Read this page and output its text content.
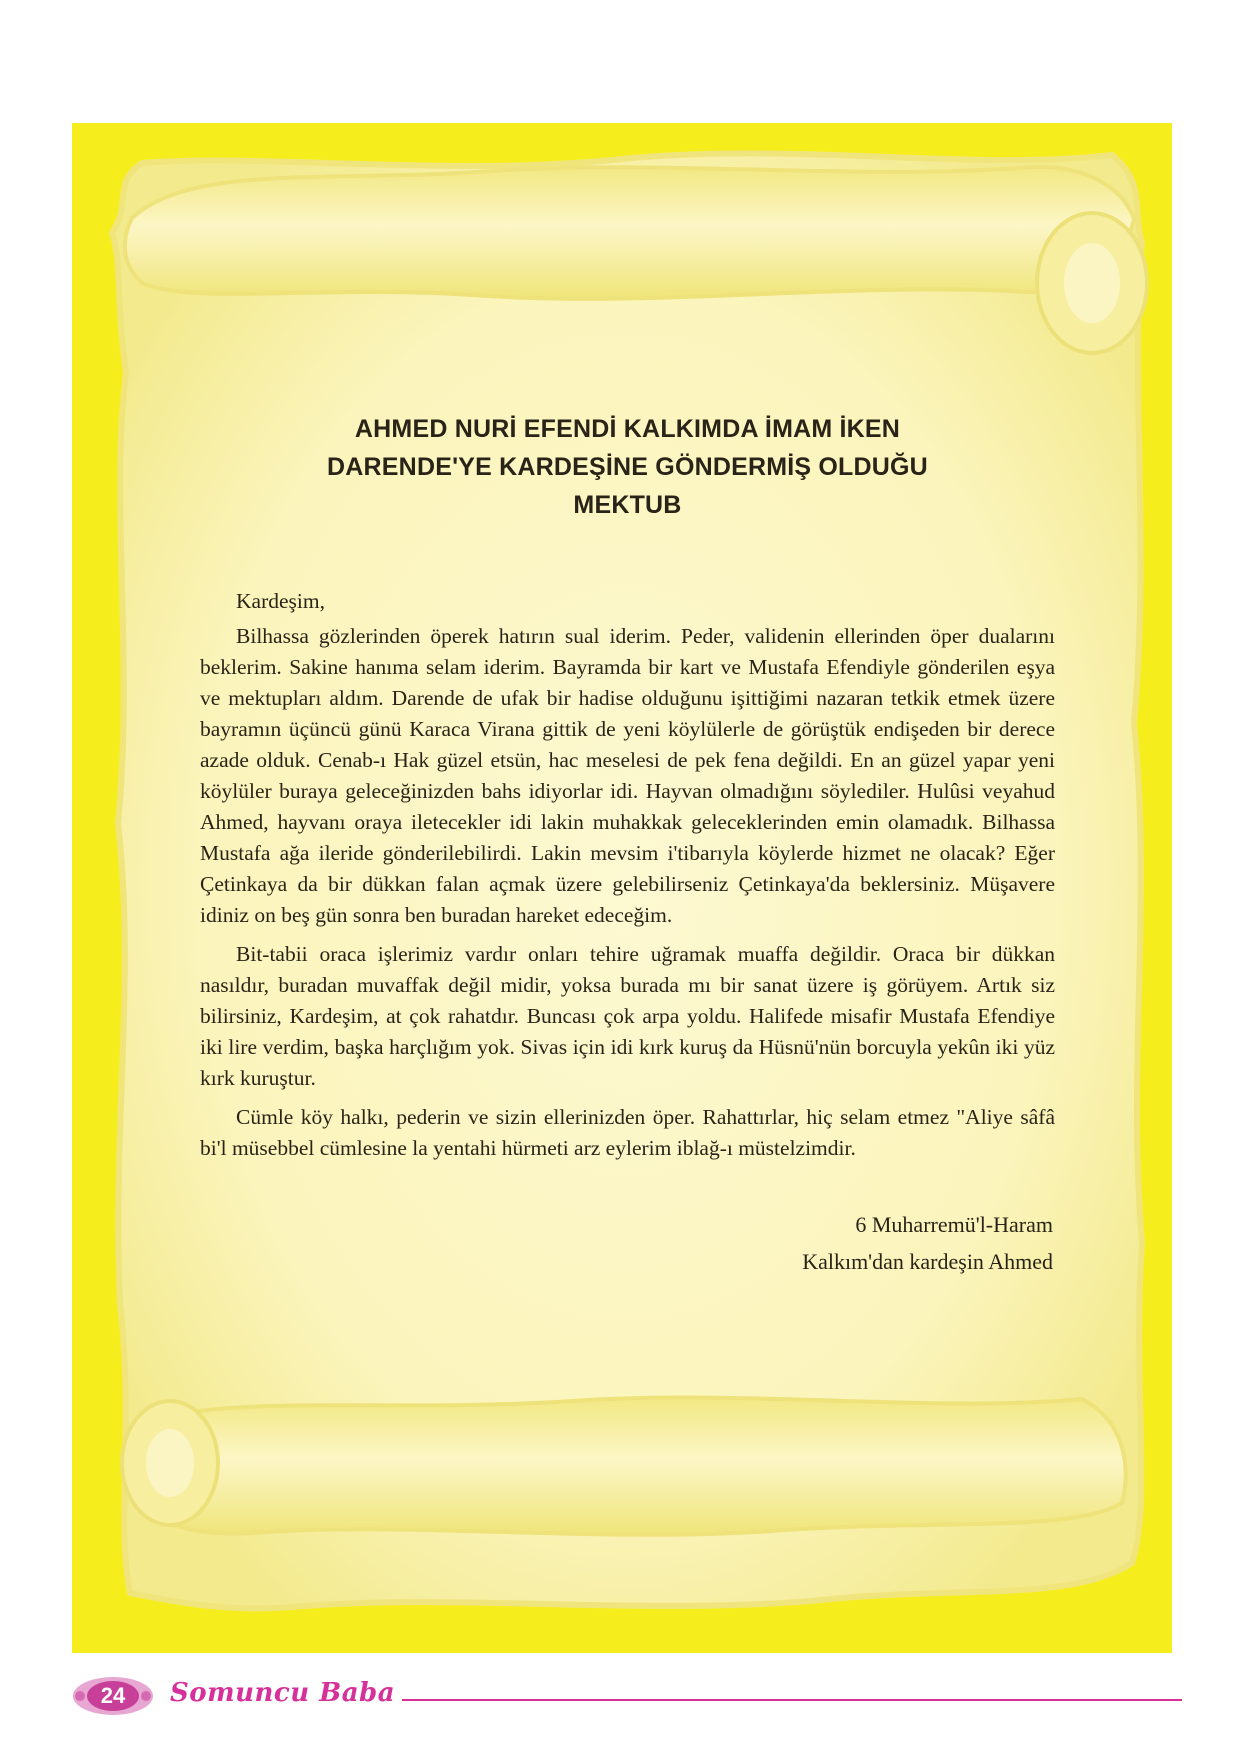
AHMED NURİ EFENDİ KALKIMDA İMAM İKEN
DARENDE'YE KARDEŞİNE GÖNDERMİŞ OLDUĞU
MEKTUB

Kardeşim,

Bilhassa gözlerinden öperek hatırın sual iderim. Peder, validenin ellerinden öper dualarını beklerim. Sakine hanıma selam iderim. Bayramda bir kart ve Mustafa Efendiyle gönderilen eşya ve mektupları aldım. Darende de ufak bir hadise olduğunu işittiğimi nazaran tetkik etmek üzere bayramın üçüncü günü Karaca Virana gittik de yeni köylülerle de görüştük endişeden bir derece azade olduk. Cenab-ı Hak güzel etsün, hac meselesi de pek fena değildi. En an güzel yapar yeni köylüler buraya geleceğinizden bahs idiyorlar idi. Hayvan olmadığını söylediler. Hulûsi veyahud Ahmed, hayvanı oraya iletecekler idi lakin muhakkak geleceklerinden emin olamadık. Bilhassa Mustafa ağa ileride gönderilebilirdi. Lakin mevsim i'tibarıyla köylerde hizmet ne olacak? Eğer Çetinkaya da bir dükkan falan açmak üzere gelebilirseniz Çetinkaya'da beklersiniz. Müşavere idiniz on beş gün sonra ben buradan hareket edeceğim.

Bit-tabii oraca işlerimiz vardır onları tehire uğramak muaffa değildir. Oraca bir dükkan nasıldır, buradan muvaffak değil midir, yoksa burada mı bir sanat üzere iş görüyem. Artık siz bilirsiniz, Kardeşim, at çok rahatdır. Buncası çok arpa yoldu. Halifede misafir Mustafa Efendiye iki lire verdim, başka harçlığım yok. Sivas için idi kırk kuruş da Hüsnü'nün borcuyla yekûn iki yüz kırk kuruştur.

Cümle köy halkı, pederin ve sizin ellerinizden öper. Rahattırlar, hiç selam etmez "Aliye sâfâ bi'l müsebbel cümlesine la yentahi hürmeti arz eylerim iblağ-ı müstelzimdir.

6 Muharremü'l-Haram
Kalkım'dan kardeşin Ahmed
24	Somuncu Baba
